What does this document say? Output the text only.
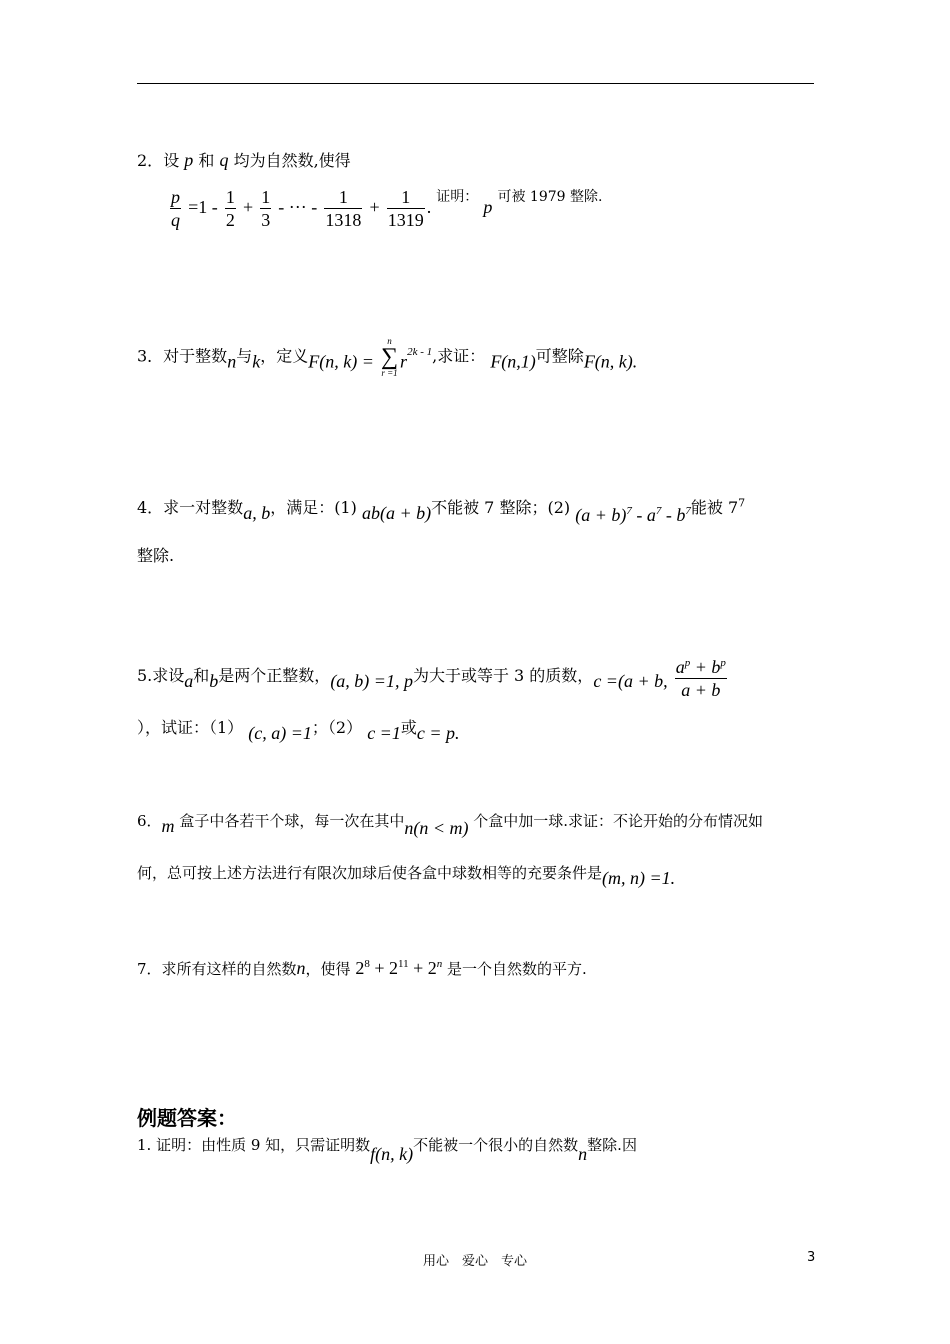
2．设 p 和 q 均为自然数,使得
$\frac{p}{q} =1 - \frac{1}{2} + \frac{1}{3}$ - ··· - $\frac{1}{1318} + \frac{1}{1319}$ . 证明： p 可被 1979 整除.
3．对于整数n与k，定义F(n, k) =
n
∑
r =1
$r^{2k - 1}$,求证： F(n,1)可整除F(n, k).
4．求一对整数a, b，满足：(1) ab(a + b)不能被 7 整除；(2) $(a + b)^7 - a^7 - b^7$能被 $7^7$
整除.
5.求设a和b是两个正整数，(a, b) =1, p为大于或等于 3 的质数，c =(a + b, $\frac{a^p + b^p}{a + b}$
），试证：（1） (c, a) =1；（2） c =1或c = p.
6．m 盒子中各若干个球，每一次在其中n(n < m) 个盒中加一球.求证：不论开始的分布情况如
何，总可按上述方法进行有限次加球后使各盒中球数相等的充要条件是(m, n) =1.
7．求所有这样的自然数n，使得 $2^8 + 2^{11} + 2^n$ 是一个自然数的平方.
例题答案：
1. 证明：由性质 9 知，只需证明数f(n, k)不能被一个很小的自然数n整除.因
用心　爱心　专心	3
